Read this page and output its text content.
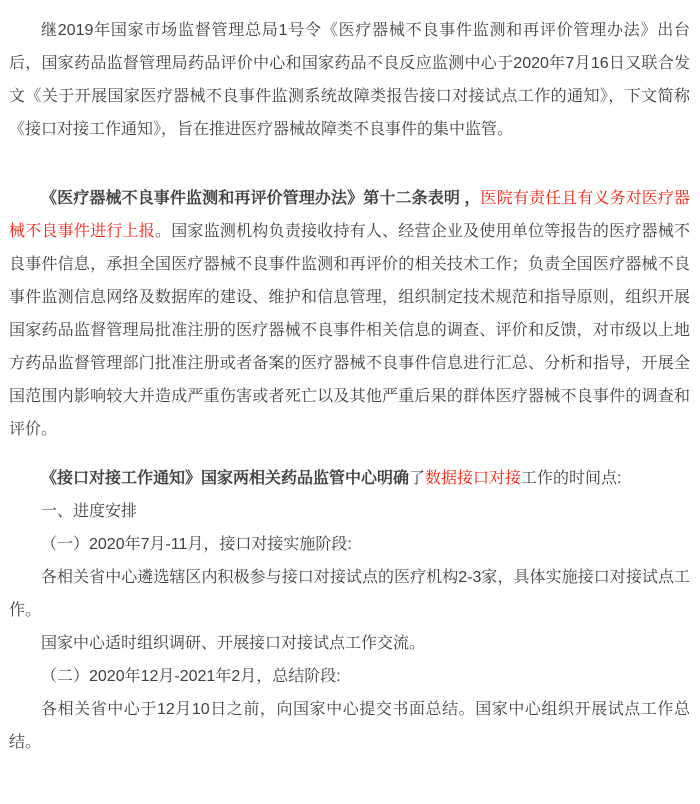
继2019年国家市场监督管理总局1号令《医疗器械不良事件监测和再评价管理办法》出台后，国家药品监督管理局药品评价中心和国家药品不良反应监测中心于2020年7月16日又联合发文《关于开展国家医疗器械不良事件监测系统故障类报告接口对接试点工作的通知》，下文简称《接口对接工作通知》，旨在推进医疗器械故障类不良事件的集中监管。

《医疗器械不良事件监测和再评价管理办法》第十二条表明 ，医院有责任且有义务对医疗器械不良事件进行上报。国家监测机构负责接收持有人、经营企业及使用单位等报告的医疗器械不良事件信息，承担全国医疗器械不良事件监测和再评价的相关技术工作；负责全国医疗器械不良事件监测信息网络及数据库的建设、维护和信息管理，组织制定技术规范和指导原则，组织开展国家药品监督管理局批准注册的医疗器械不良事件相关信息的调查、评价和反馈，对市级以上地方药品监督管理部门批准注册或者备案的医疗器械不良事件信息进行汇总、分析和指导，开展全国范围内影响较大并造成严重伤害或者死亡以及其他严重后果的群体医疗器械不良事件的调查和评价。

《接口对接工作通知》国家两相关药品监管中心明确了数据接口对接工作的时间点:

一、进度安排

（一）2020年7月-11月，接口对接实施阶段:

各相关省中心遴选辖区内积极参与接口对接试点的医疗机构2-3家，具体实施接口对接试点工作。

国家中心适时组织调研、开展接口对接试点工作交流。

（二）2020年12月-2021年2月，总结阶段:

各相关省中心于12月10日之前，向国家中心提交书面总结。国家中心组织开展试点工作总结。
